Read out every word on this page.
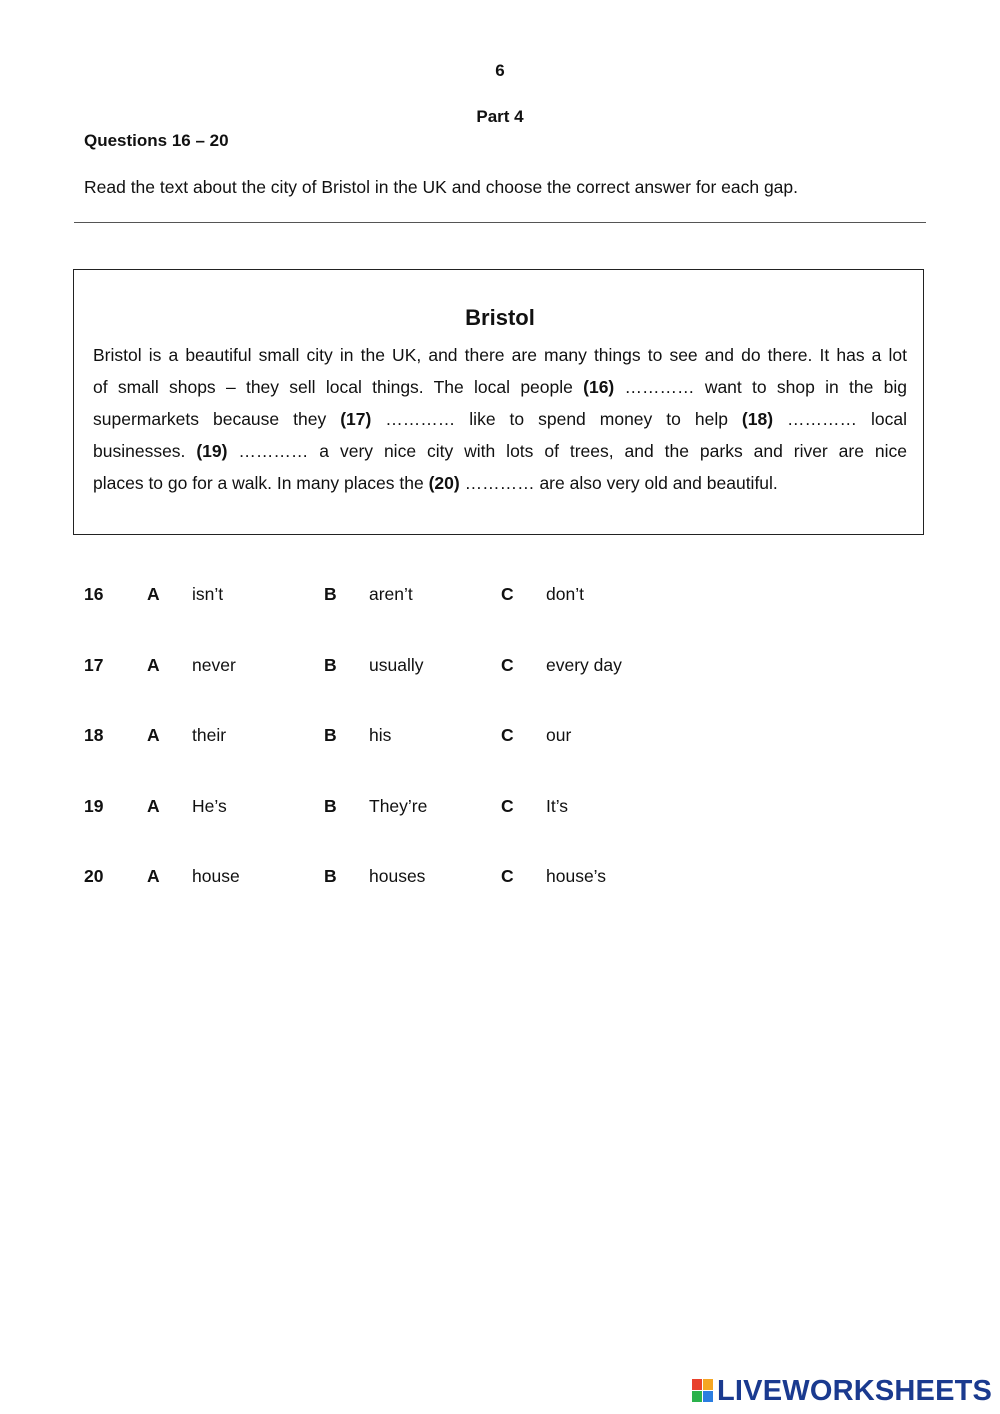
6
Part 4
Questions 16 – 20
Read the text about the city of Bristol in the UK and choose the correct answer for each gap.
Bristol
Bristol is a beautiful small city in the UK, and there are many things to see and do there. It has a lot
of small shops – they sell local things. The local people (16) ………… want to shop in the big
supermarkets because they (17) ………… like to spend money to help (18) ………… local
businesses. (19) ………… a very nice city with lots of trees, and the parks and river are nice
places to go for a walk. In many places the (20) ………… are also very old and beautiful.
16 A isn’t	B aren’t	C don’t
17 A never	B usually	C every day
18 A their	B his	C our
19 A He’s	B They’re	C It’s
20 A house	B houses	C house’s
LIVEWORKSHEETS
